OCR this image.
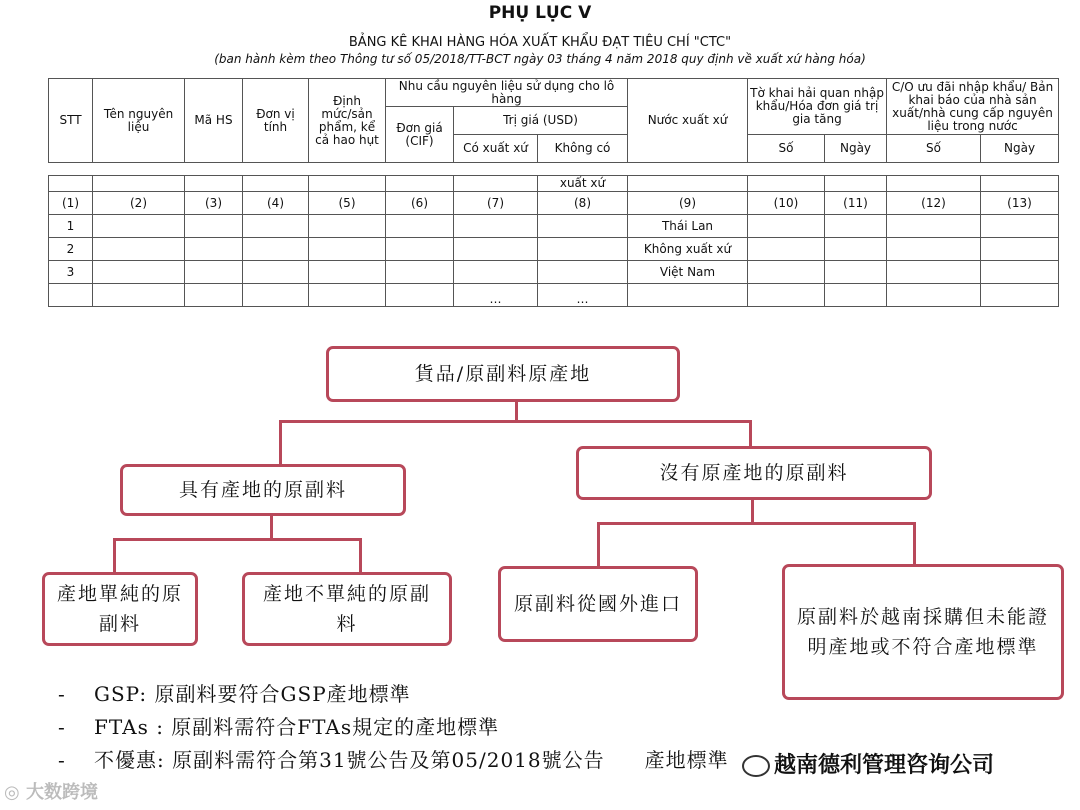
PHỤ LỤC V
BẢNG KÊ KHAI HÀNG HÓA XUẤT KHẨU ĐẠT TIÊU CHÍ "CTC"
(ban hành kèm theo Thông tư số 05/2018/TT-BCT ngày 03 tháng 4 năm 2018 quy định về xuất xứ hàng hóa)
STT	Tên nguyên liệu	Mã HS	Đơn vị tính	Định mức/sản phẩm, kể cả hao hụt	Nhu cầu nguyên liệu sử dụng cho lô hàng			Nước xuất xứ	Tờ khai hải quan nhập khẩu/Hóa đơn giá trị gia tăng		C/O ưu đãi nhập khẩu/ Bản khai báo của nhà sản xuất/nhà cung cấp nguyên liệu trong nước	
					Đơn giá (CIF)	Trị giá (USD)						
						Có xuất xứ	Không có		Số	Ngày	Số	Ngày
							xuất xứ					
(1)	(2)	(3)	(4)	(5)	(6)	(7)	(8)	(9)	(10)	(11)	(12)	(13)
1								Thái Lan				
2								Không xuất xứ				
3								Việt Nam				
						…	…					
貨品/原副料原產地
具有產地的原副料
沒有原產地的原副料
產地單純的原副料
產地不單純的原副料
原副料從國外進口
原副料於越南採購但未能證明產地或不符合產地標準
- GSP: 原副料要符合GSP產地標準
- FTAs : 原副料需符合FTAs規定的產地標準
- 不優惠: 原副料需符合第31號公告及第05/2018號公告 產地標準
◎ 大数跨境
越南德利管理咨询公司
